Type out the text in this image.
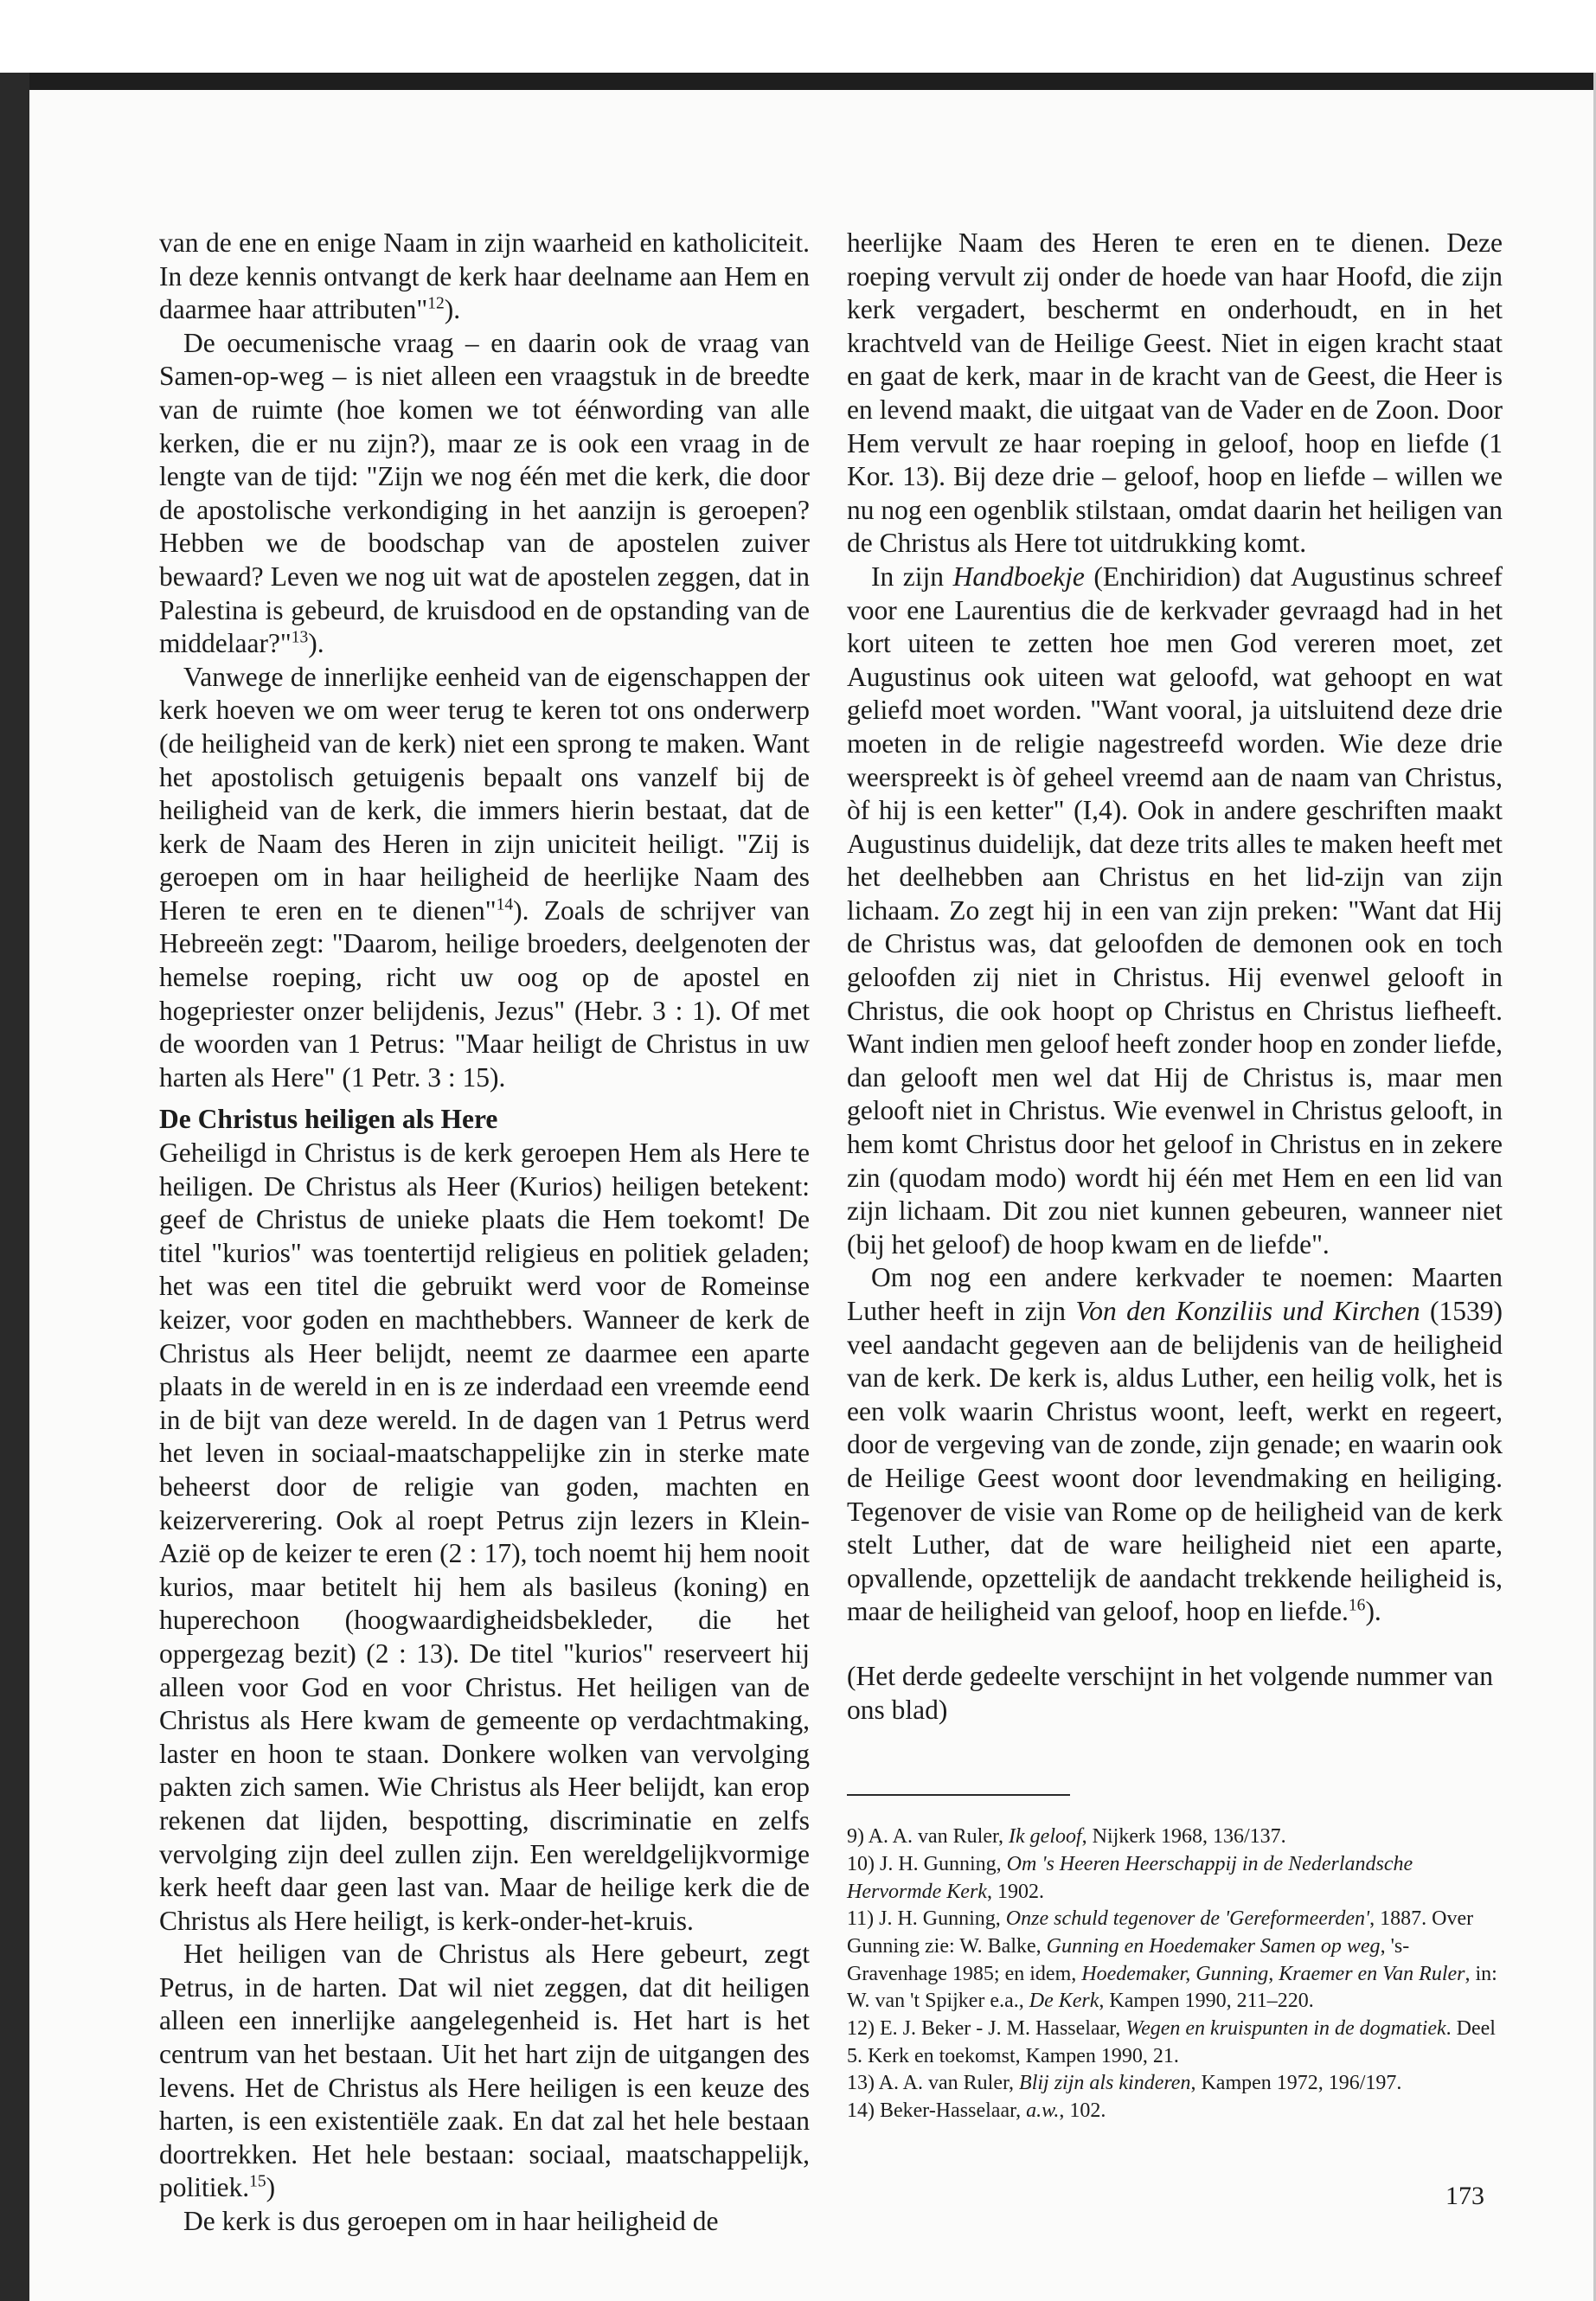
van de ene en enige Naam in zijn waarheid en katholiciteit. In deze kennis ontvangt de kerk haar deelname aan Hem en daarmee haar attributen"$^{12}$).

De oecumenische vraag – en daarin ook de vraag van Samen-op-weg – is niet alleen een vraagstuk in de breedte van de ruimte (hoe komen we tot éénwording van alle kerken, die er nu zijn?), maar ze is ook een vraag in de lengte van de tijd: "Zijn we nog één met die kerk, die door de apostolische verkondiging in het aanzijn is geroepen? Hebben we de boodschap van de apostelen zuiver bewaard? Leven we nog uit wat de apostelen zeggen, dat in Palestina is gebeurd, de kruisdood en de opstanding van de middelaar?"$^{13}$).

Vanwege de innerlijke eenheid van de eigenschappen der kerk hoeven we om weer terug te keren tot ons onderwerp (de heiligheid van de kerk) niet een sprong te maken. Want het apostolisch getuigenis bepaalt ons vanzelf bij de heiligheid van de kerk, die immers hierin bestaat, dat de kerk de Naam des Heren in zijn uniciteit heiligt. "Zij is geroepen om in haar heiligheid de heerlijke Naam des Heren te eren en te dienen"$^{14}$). Zoals de schrijver van Hebreeën zegt: "Daarom, heilige broeders, deelgenoten der hemelse roeping, richt uw oog op de apostel en hogepriester onzer belijdenis, Jezus" (Hebr. 3 : 1). Of met de woorden van 1 Petrus: "Maar heiligt de Christus in uw harten als Here" (1 Petr. 3 : 15).

De Christus heiligen als Here

Geheiligd in Christus is de kerk geroepen Hem als Here te heiligen. De Christus als Heer (Kurios) heiligen betekent: geef de Christus de unieke plaats die Hem toekomt! De titel "kurios" was toentertijd religieus en politiek geladen; het was een titel die gebruikt werd voor de Romeinse keizer, voor goden en machthebbers. Wanneer de kerk de Christus als Heer belijdt, neemt ze daarmee een aparte plaats in de wereld in en is ze inderdaad een vreemde eend in de bijt van deze wereld. In de dagen van 1 Petrus werd het leven in sociaal-maatschappelijke zin in sterke mate beheerst door de religie van goden, machten en keizerverering. Ook al roept Petrus zijn lezers in Klein-Azië op de keizer te eren (2 : 17), toch noemt hij hem nooit kurios, maar betitelt hij hem als basileus (koning) en huperechoon (hoogwaardigheidsbekleder, die het oppergezag bezit) (2 : 13). De titel "kurios" reserveert hij alleen voor God en voor Christus. Het heiligen van de Christus als Here kwam de gemeente op verdachtmaking, laster en hoon te staan. Donkere wolken van vervolging pakten zich samen. Wie Christus als Heer belijdt, kan erop rekenen dat lijden, bespotting, discriminatie en zelfs vervolging zijn deel zullen zijn. Een wereldgelijkvormige kerk heeft daar geen last van. Maar de heilige kerk die de Christus als Here heiligt, is kerk-onder-het-kruis.

Het heiligen van de Christus als Here gebeurt, zegt Petrus, in de harten. Dat wil niet zeggen, dat dit heiligen alleen een innerlijke aangelegenheid is. Het hart is het centrum van het bestaan. Uit het hart zijn de uitgangen des levens. Het de Christus als Here heiligen is een keuze des harten, is een existentiële zaak. En dat zal het hele bestaan doortrekken. Het hele bestaan: sociaal, maatschappelijk, politiek.$^{15}$)

De kerk is dus geroepen om in haar heiligheid de

heerlijke Naam des Heren te eren en te dienen. Deze roeping vervult zij onder de hoede van haar Hoofd, die zijn kerk vergadert, beschermt en onderhoudt, en in het krachtveld van de Heilige Geest. Niet in eigen kracht staat en gaat de kerk, maar in de kracht van de Geest, die Heer is en levend maakt, die uitgaat van de Vader en de Zoon. Door Hem vervult ze haar roeping in geloof, hoop en liefde (1 Kor. 13). Bij deze drie – geloof, hoop en liefde – willen we nu nog een ogenblik stilstaan, omdat daarin het heiligen van de Christus als Here tot uitdrukking komt.

In zijn Handboekje (Enchiridion) dat Augustinus schreef voor ene Laurentius die de kerkvader gevraagd had in het kort uiteen te zetten hoe men God vereren moet, zet Augustinus ook uiteen wat geloofd, wat gehoopt en wat geliefd moet worden. "Want vooral, ja uitsluitend deze drie moeten in de religie nagestreefd worden. Wie deze drie weerspreekt is òf geheel vreemd aan de naam van Christus, òf hij is een ketter" (I,4). Ook in andere geschriften maakt Augustinus duidelijk, dat deze trits alles te maken heeft met het deelhebben aan Christus en het lid-zijn van zijn lichaam. Zo zegt hij in een van zijn preken: "Want dat Hij de Christus was, dat geloofden de demonen ook en toch geloofden zij niet in Christus. Hij evenwel gelooft in Christus, die ook hoopt op Christus en Christus liefheeft. Want indien men geloof heeft zonder hoop en zonder liefde, dan gelooft men wel dat Hij de Christus is, maar men gelooft niet in Christus. Wie evenwel in Christus gelooft, in hem komt Christus door het geloof in Christus en in zekere zin (quodam modo) wordt hij één met Hem en een lid van zijn lichaam. Dit zou niet kunnen gebeuren, wanneer niet (bij het geloof) de hoop kwam en de liefde".

Om nog een andere kerkvader te noemen: Maarten Luther heeft in zijn Von den Konziliis und Kirchen (1539) veel aandacht gegeven aan de belijdenis van de heiligheid van de kerk. De kerk is, aldus Luther, een heilig volk, het is een volk waarin Christus woont, leeft, werkt en regeert, door de vergeving van de zonde, zijn genade; en waarin ook de Heilige Geest woont door levendmaking en heiliging. Tegenover de visie van Rome op de heiligheid van de kerk stelt Luther, dat de ware heiligheid niet een aparte, opvallende, opzettelijk de aandacht trekkende heiligheid is, maar de heiligheid van geloof, hoop en liefde.$^{16}$).

(Het derde gedeelte verschijnt in het volgende nummer van ons blad)

9) A. A. van Ruler, Ik geloof, Nijkerk 1968, 136/137.

10) J. H. Gunning, Om 's Heeren Heerschappij in de Nederlandsche Hervormde Kerk, 1902.

11) J. H. Gunning, Onze schuld tegenover de 'Gereformeerden', 1887. Over Gunning zie: W. Balke, Gunning en Hoedemaker Samen op weg, 's-Gravenhage 1985; en idem, Hoedemaker, Gunning, Kraemer en Van Ruler, in: W. van 't Spijker e.a., De Kerk, Kampen 1990, 211–220.

12) E. J. Beker - J. M. Hasselaar, Wegen en kruispunten in de dogmatiek. Deel 5. Kerk en toekomst, Kampen 1990, 21.

13) A. A. van Ruler, Blij zijn als kinderen, Kampen 1972, 196/197.

14) Beker-Hasselaar, a.w., 102.

173
